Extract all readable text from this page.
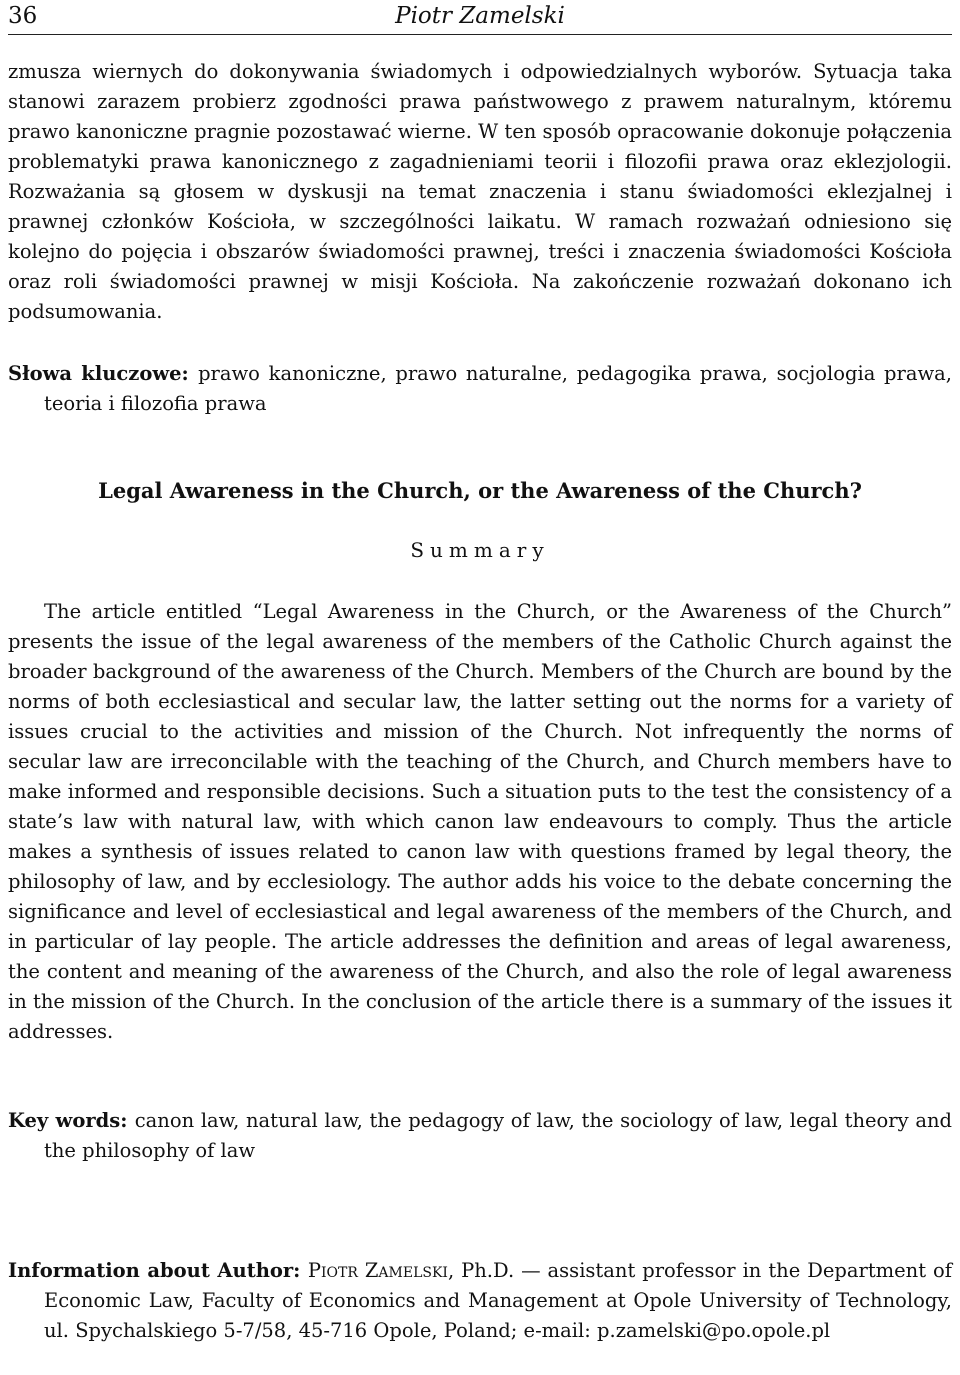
36	Piotr Zamelski

zmusza wiernych do dokonywania świadomych i odpowiedzialnych wyborów. Sytuacja taka stanowi zarazem probierz zgodności prawa państwowego z prawem naturalnym, któremu prawo kanoniczne pragnie pozostawać wierne. W ten sposób opracowanie dokonuje połączenia problematyki prawa kanonicznego z zagadnieniami teorii i filozofii prawa oraz eklezjologii. Rozważania są głosem w dyskusji na temat znaczenia i stanu świadomości eklezjalnej i prawnej członków Kościoła, w szczególności laikatu. W ramach rozważań odniesiono się kolejno do pojęcia i obszarów świadomości prawnej, treści i znaczenia świadomości Kościoła oraz roli świadomości prawnej w misji Kościoła. Na zakończenie rozważań dokonano ich podsumowania.

Słowa kluczowe: prawo kanoniczne, prawo naturalne, pedagogika prawa, socjologia prawa, teoria i filozofia prawa
Legal Awareness in the Church, or the Awareness of the Church?
Summary

The article entitled “Legal Awareness in the Church, or the Awareness of the Church” presents the issue of the legal awareness of the members of the Catholic Church against the broader background of the awareness of the Church. Members of the Church are bound by the norms of both ecclesiastical and secular law, the latter setting out the norms for a variety of issues crucial to the activities and mission of the Church. Not infrequently the norms of secular law are irreconcilable with the teaching of the Church, and Church members have to make informed and responsible decisions. Such a situation puts to the test the consistency of a state’s law with natural law, with which canon law endeavours to comply. Thus the article makes a synthesis of issues related to canon law with questions framed by legal theory, the philosophy of law, and by ecclesiology. The author adds his voice to the debate concerning the significance and level of ecclesiastical and legal awareness of the members of the Church, and in particular of lay people. The article addresses the definition and areas of legal awareness, the content and meaning of the awareness of the Church, and also the role of legal awareness in the mission of the Church. In the conclusion of the article there is a summary of the issues it addresses.

Key words: canon law, natural law, the pedagogy of law, the sociology of law, legal theory and the philosophy of law
Information about Author: Piotr Zamelski, Ph.D. — assistant professor in the Department of Economic Law, Faculty of Economics and Management at Opole University of Technology, ul. Spychalskiego 5-7/58, 45-716 Opole, Poland; e-mail: p.zamelski@po.opole.pl
